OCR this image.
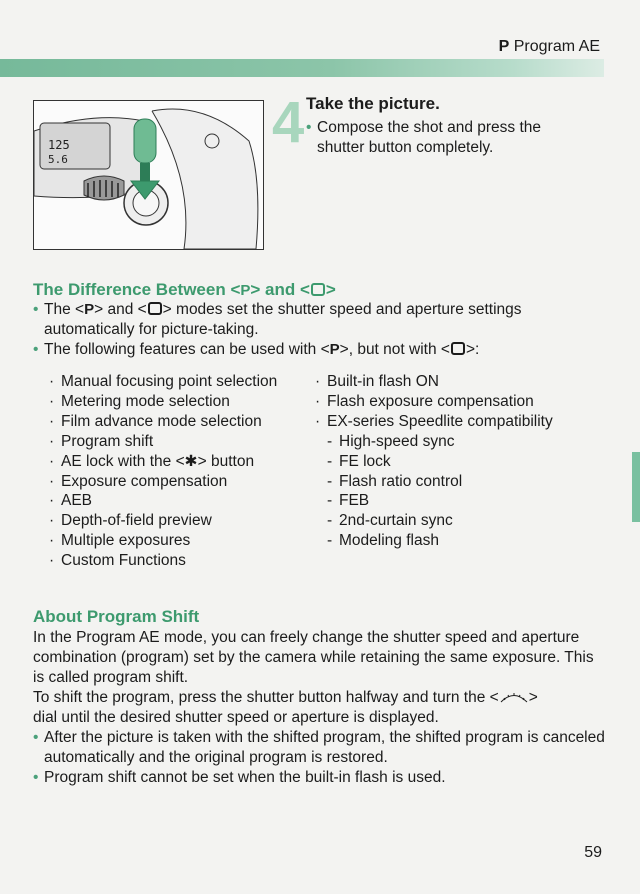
P Program AE
125
5.6
4 Take the picture.
• Compose the shot and press the shutter button completely.
The Difference Between <P> and < >
• The <P> and < > modes set the shutter speed and aperture settings automatically for picture-taking.
• The following features can be used with <P>, but not with < >:
· Manual focusing point selection
· Metering mode selection
· Film advance mode selection
· Program shift
· AE lock with the <✱> button
· Exposure compensation
· AEB
· Depth-of-field preview
· Multiple exposures
· Custom Functions
· Built-in flash ON
· Flash exposure compensation
· EX-series Speedlite compatibility
- High-speed sync
- FE lock
- Flash ratio control
- FEB
- 2nd-curtain sync
- Modeling flash
About Program Shift
In the Program AE mode, you can freely change the shutter speed and aperture combination (program) set by the camera while retaining the same exposure. This is called program shift.
To shift the program, press the shutter button halfway and turn the < >
dial until the desired shutter speed or aperture is displayed.
• After the picture is taken with the shifted program, the shifted program is canceled automatically and the original program is restored.
• Program shift cannot be set when the built-in flash is used.
59
